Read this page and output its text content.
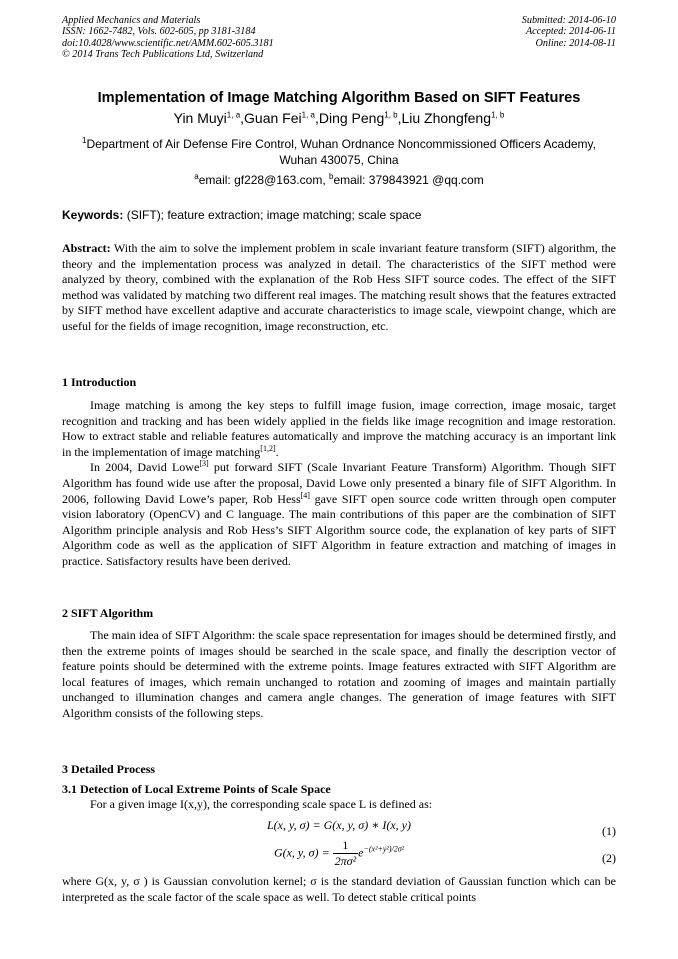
Applied Mechanics and Materials
ISSN: 1662-7482, Vols. 602-605, pp 3181-3184
doi:10.4028/www.scientific.net/AMM.602-605.3181
© 2014 Trans Tech Publications Ltd, Switzerland
Submitted: 2014-06-10
Accepted: 2014-06-11
Online: 2014-08-11
Implementation of Image Matching Algorithm Based on SIFT Features
Yin Muyi$^{1, a}$,Guan Fei$^{1, a}$,Ding Peng$^{1, b}$,Liu Zhongfeng$^{1, b}$
$^1$Department of Air Defense Fire Control, Wuhan Ordnance Noncommissioned Officers Academy, Wuhan 430075, China
$^a$email: gf228@163.com, $^b$email: 379843921 @qq.com
Keywords: (SIFT); feature extraction; image matching; scale space

Abstract: With the aim to solve the implement problem in scale invariant feature transform (SIFT) algorithm, the theory and the implementation process was analyzed in detail. The characteristics of the SIFT method were analyzed by theory, combined with the explanation of the Rob Hess SIFT source codes. The effect of the SIFT method was validated by matching two different real images. The matching result shows that the features extracted by SIFT method have excellent adaptive and accurate characteristics to image scale, viewpoint change, which are useful for the fields of image recognition, image reconstruction, etc.

1 Introduction

Image matching is among the key steps to fulfill image fusion, image correction, image mosaic, target recognition and tracking and has been widely applied in the fields like image recognition and image restoration. How to extract stable and reliable features automatically and improve the matching accuracy is an important link in the implementation of image matching[1,2].

In 2004, David Lowe[3] put forward SIFT (Scale Invariant Feature Transform) Algorithm. Though SIFT Algorithm has found wide use after the proposal, David Lowe only presented a binary file of SIFT Algorithm. In 2006, following David Lowe’s paper, Rob Hess[4] gave SIFT open source code written through open computer vision laboratory (OpenCV) and C language. The main contributions of this paper are the combination of SIFT Algorithm principle analysis and Rob Hess’s SIFT Algorithm source code, the explanation of key parts of SIFT Algorithm code as well as the application of SIFT Algorithm in feature extraction and matching of images in practice. Satisfactory results have been derived.

2 SIFT Algorithm

The main idea of SIFT Algorithm: the scale space representation for images should be determined firstly, and then the extreme points of images should be searched in the scale space, and finally the description vector of feature points should be determined with the extreme points. Image features extracted with SIFT Algorithm are local features of images, which remain unchanged to rotation and zooming of images and maintain partially unchanged to illumination changes and camera angle changes. The generation of image features with SIFT Algorithm consists of the following steps.

3 Detailed Process
3.1 Detection of Local Extreme Points of Scale Space

For a given image I(x,y), the corresponding scale space L is defined as:

L(x, y, σ) = G(x, y, σ) ∗ I(x, y)	(1)
G(x, y, $\sigma) = \frac{1}{\text{2πσ²}} e^{-(x^2+y^2)/2\sigma^2}$
(2)

where G(x, y, σ ) is Gaussian convolution kernel; σ is the standard deviation of Gaussian function which can be interpreted as the scale factor of the scale space as well. To detect stable critical points
